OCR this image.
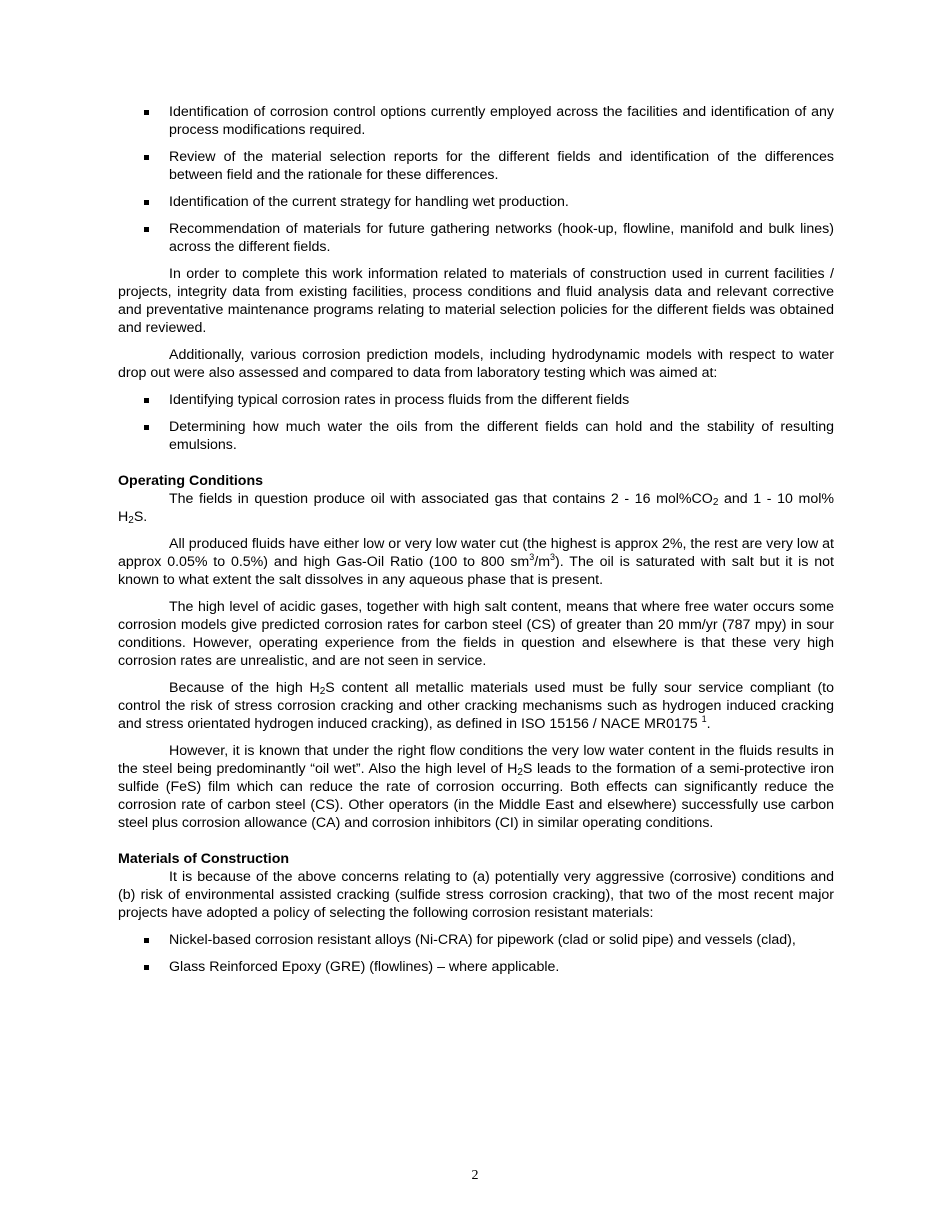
Identification of corrosion control options currently employed across the facilities and identification of any process modifications required.
Review of the material selection reports for the different fields and identification of the differences between field and the rationale for these differences.
Identification of the current strategy for handling wet production.
Recommendation of materials for future gathering networks (hook-up, flowline, manifold and bulk lines) across the different fields.

In order to complete this work information related to materials of construction used in current facilities / projects, integrity data from existing facilities, process conditions and fluid analysis data and relevant corrective and preventative maintenance programs relating to material selection policies for the different fields was obtained and reviewed.

Additionally, various corrosion prediction models, including hydrodynamic models with respect to water drop out were also assessed and compared to data from laboratory testing which was aimed at:

Identifying typical corrosion rates in process fluids from the different fields
Determining how much water the oils from the different fields can hold and the stability of resulting emulsions.
Operating Conditions

The fields in question produce oil with associated gas that contains 2 - 16 $mol\%CO_2$ and 1 - 10 mol% $H_2S$.

All produced fluids have either low or very low water cut (the highest is approx 2%, the rest are very low at approx 0.05% to 0.5%) and high Gas-Oil Ratio (100 to 800 $sm^3/m^3$). The oil is saturated with salt but it is not known to what extent the salt dissolves in any aqueous phase that is present.

The high level of acidic gases, together with high salt content, means that where free water occurs some corrosion models give predicted corrosion rates for carbon steel (CS) of greater than 20 mm/yr (787 mpy) in sour conditions. However, operating experience from the fields in question and elsewhere is that these very high corrosion rates are unrealistic, and are not seen in service.

Because of the high $H_2S$ content all metallic materials used must be fully sour service compliant (to control the risk of stress corrosion cracking and other cracking mechanisms such as hydrogen induced cracking and stress orientated hydrogen induced cracking), as defined in ISO 15156 / NACE MR0175 $^1$.

However, it is known that under the right flow conditions the very low water content in the fluids results in the steel being predominantly “oil wet”. Also the high level of $H_2S$ leads to the formation of a semi-protective iron sulfide (FeS) film which can reduce the rate of corrosion occurring. Both effects can significantly reduce the corrosion rate of carbon steel (CS). Other operators (in the Middle East and elsewhere) successfully use carbon steel plus corrosion allowance (CA) and corrosion inhibitors (CI) in similar operating conditions.

Materials of Construction

It is because of the above concerns relating to (a) potentially very aggressive (corrosive) conditions and (b) risk of environmental assisted cracking (sulfide stress corrosion cracking), that two of the most recent major projects have adopted a policy of selecting the following corrosion resistant materials:

Nickel-based corrosion resistant alloys (Ni-CRA) for pipework (clad or solid pipe) and vessels (clad),
Glass Reinforced Epoxy (GRE) (flowlines) – where applicable.
2
